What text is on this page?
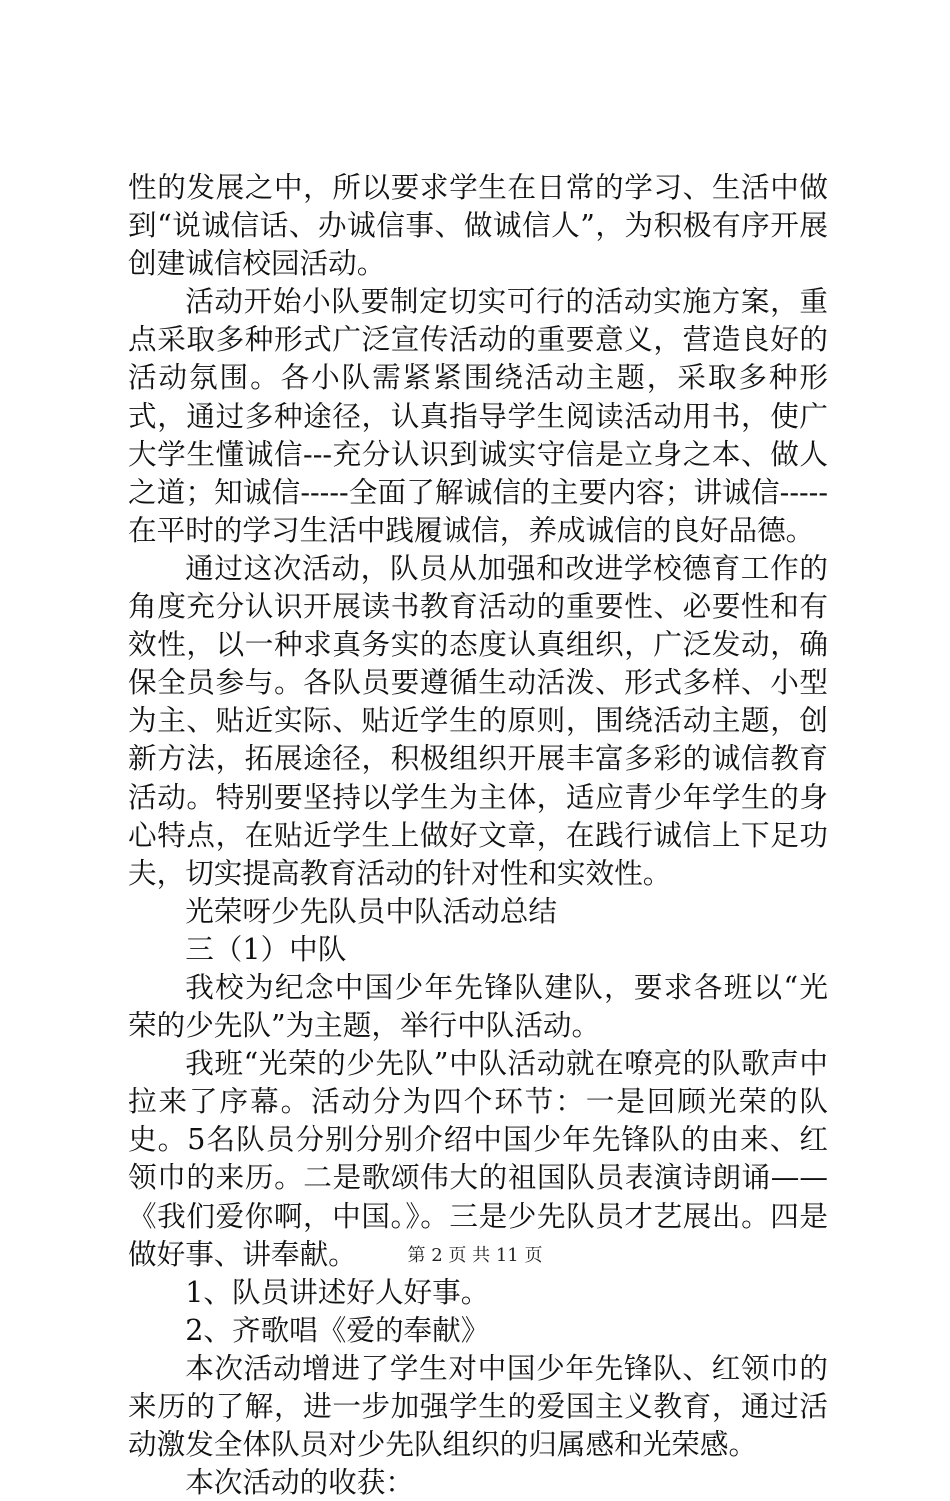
性的发展之中，所以要求学生在日常的学习、生活中做到“说诚信话、办诚信事、做诚信人”，为积极有序开展创建诚信校园活动。

活动开始小队要制定切实可行的活动实施方案，重点采取多种形式广泛宣传活动的重要意义，营造良好的活动氛围。各小队需紧紧围绕活动主题，采取多种形式，通过多种途径，认真指导学生阅读活动用书，使广大学生懂诚信---充分认识到诚实守信是立身之本、做人之道；知诚信-----全面了解诚信的主要内容；讲诚信-----在平时的学习生活中践履诚信，养成诚信的良好品德。

通过这次活动，队员从加强和改进学校德育工作的角度充分认识开展读书教育活动的重要性、必要性和有效性，以一种求真务实的态度认真组织，广泛发动，确保全员参与。各队员要遵循生动活泼、形式多样、小型为主、贴近实际、贴近学生的原则，围绕活动主题，创新方法，拓展途径，积极组织开展丰富多彩的诚信教育活动。特别要坚持以学生为主体，适应青少年学生的身心特点，在贴近学生上做好文章，在践行诚信上下足功夫，切实提高教育活动的针对性和实效性。

光荣呀少先队员中队活动总结

三（1）中队

我校为纪念中国少年先锋队建队，要求各班以“光荣的少先队”为主题，举行中队活动。

我班“光荣的少先队”中队活动就在嘹亮的队歌声中拉来了序幕。活动分为四个环节：一是回顾光荣的队史。5名队员分别分别介绍中国少年先锋队的由来、红领巾的来历。二是歌颂伟大的祖国队员表演诗朗诵——《我们爱你啊，中国。》。三是少先队员才艺展出。四是做好事、讲奉献。

1、队员讲述好人好事。

2、齐歌唱《爱的奉献》

本次活动增进了学生对中国少年先锋队、红领巾的来历的了解，进一步加强学生的爱国主义教育，通过活动激发全体队员对少先队组织的归属感和光荣感。

本次活动的收获：

第 2 页 共 11 页
